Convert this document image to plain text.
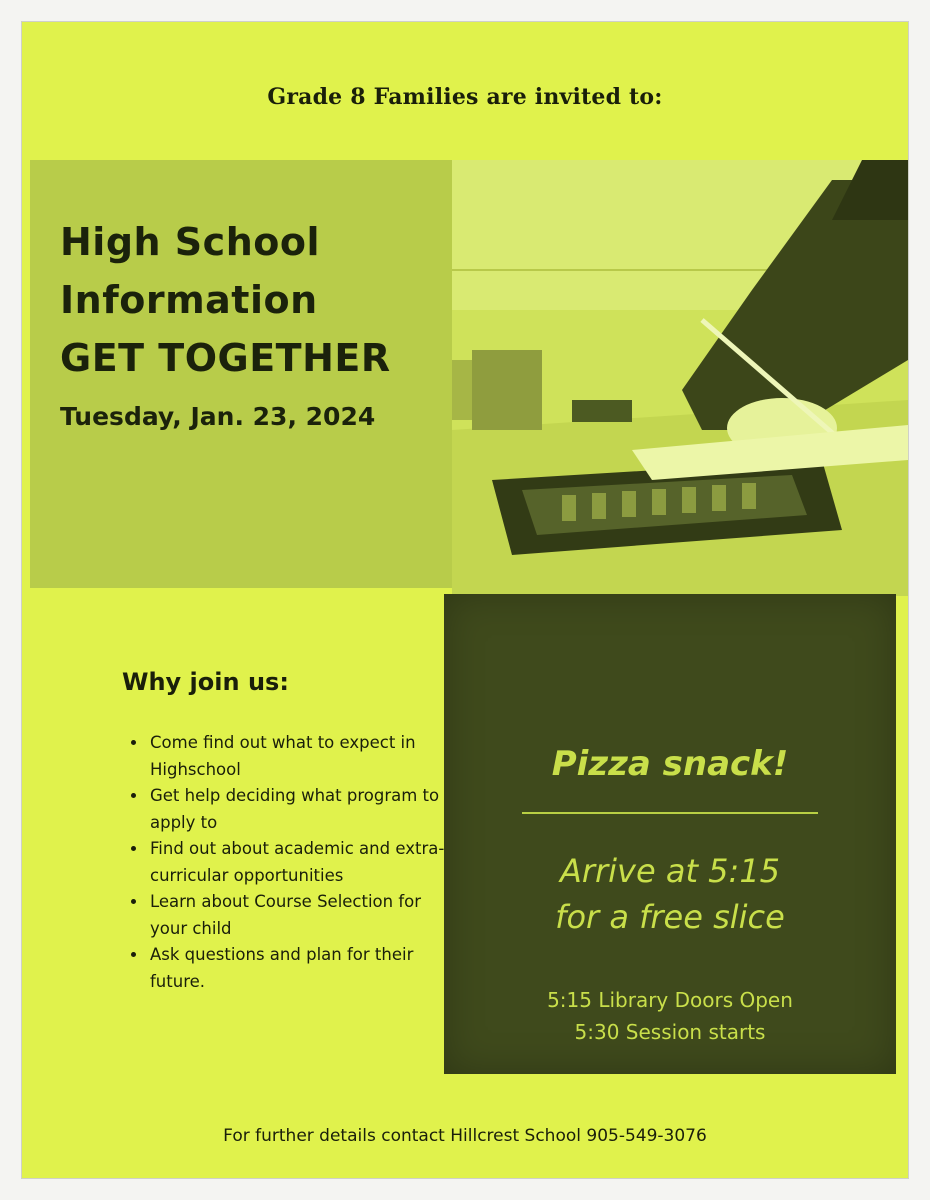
Grade 8 Families are invited to:
High School
Information
GET TOGETHER
Tuesday, Jan. 23, 2024
Pizza snack!
Arrive at 5:15
for a free slice
5:15 Library Doors Open
5:30 Session starts
Why join us:
• Come find out what to expect in Highschool
• Get help deciding what program to apply to
• Find out about academic and extra-curricular opportunities
• Learn about Course Selection for your child
• Ask questions and plan for their future.
For further details contact Hillcrest School 905-549-3076
